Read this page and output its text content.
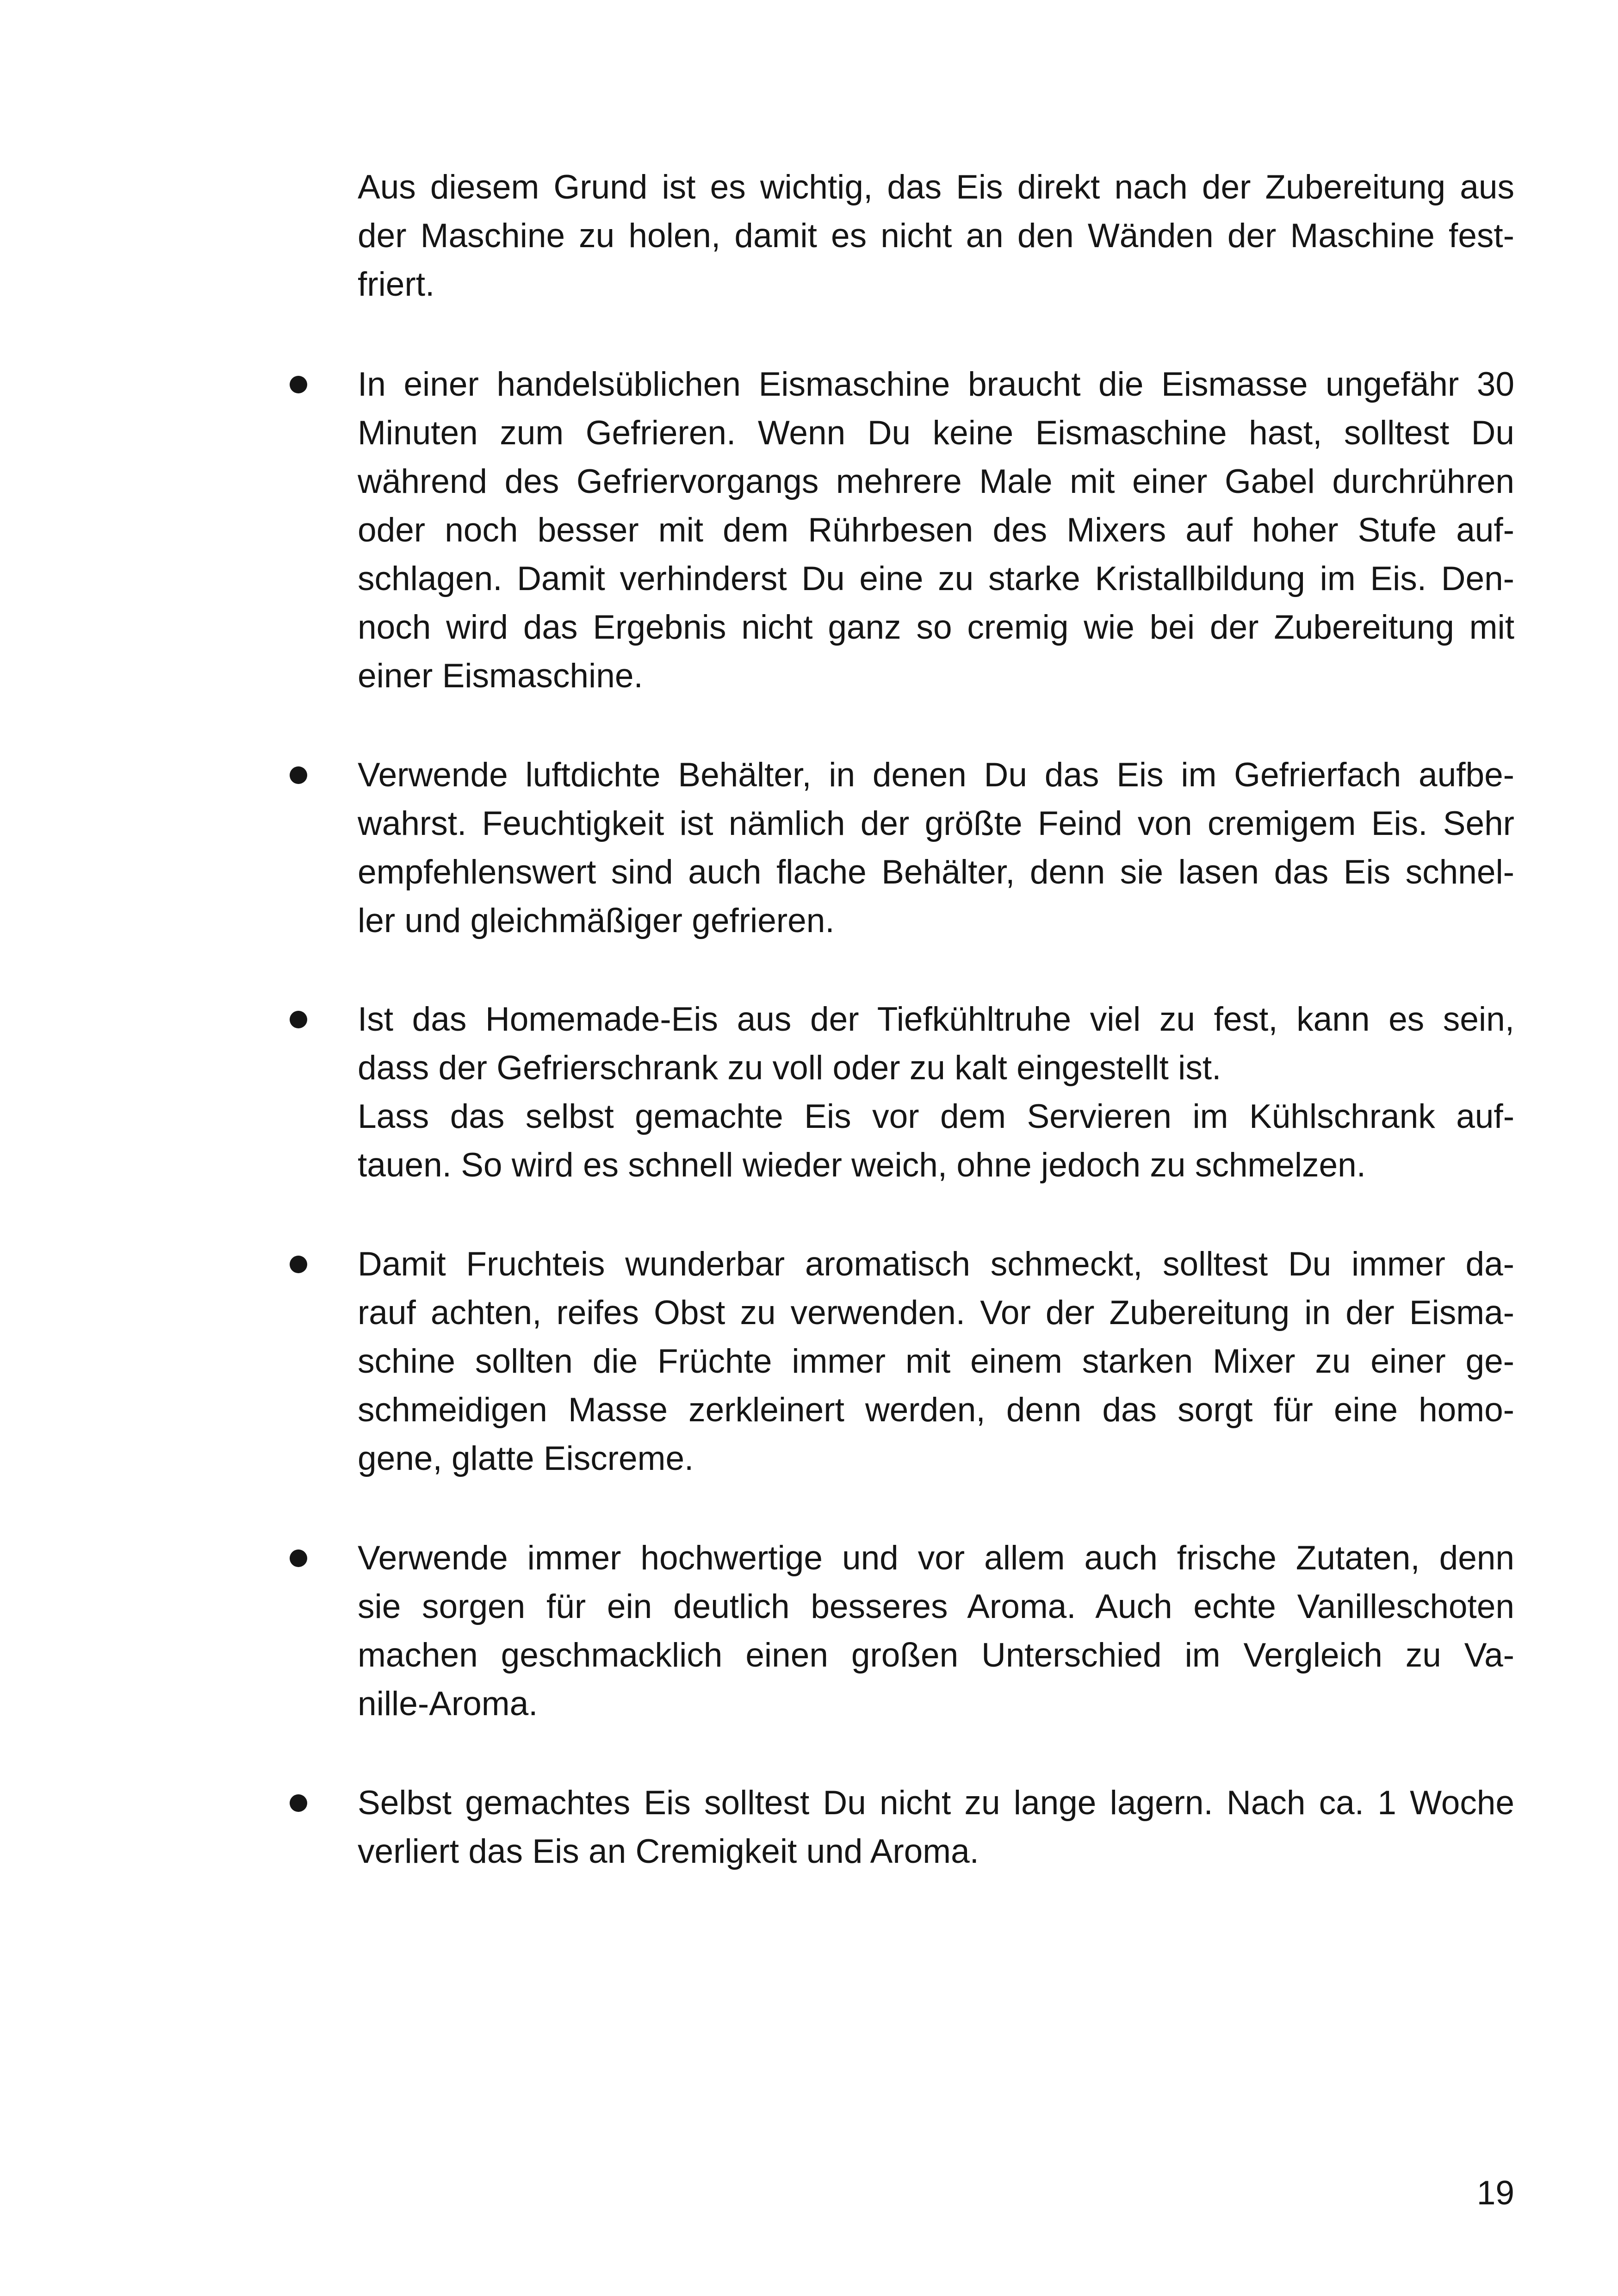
Aus diesem Grund ist es wichtig, das Eis direkt nach der Zubereitung aus

der Maschine zu holen, damit es nicht an den Wänden der Maschine fest-

friert.

In einer handelsüblichen Eismaschine braucht die Eismasse ungefähr 30

Minuten zum Gefrieren. Wenn Du keine Eismaschine hast, solltest Du

während des Gefriervorgangs mehrere Male mit einer Gabel durchrühren

oder noch besser mit dem Rührbesen des Mixers auf hoher Stufe auf-

schlagen. Damit verhinderst Du eine zu starke Kristallbildung im Eis. Den-

noch wird das Ergebnis nicht ganz so cremig wie bei der Zubereitung mit

einer Eismaschine.

Verwende luftdichte Behälter, in denen Du das Eis im Gefrierfach aufbe-

wahrst. Feuchtigkeit ist nämlich der größte Feind von cremigem Eis. Sehr

empfehlenswert sind auch flache Behälter, denn sie lasen das Eis schnel-

ler und gleichmäßiger gefrieren.

Ist das Homemade-Eis aus der Tiefkühltruhe viel zu fest, kann es sein,

dass der Gefrierschrank zu voll oder zu kalt eingestellt ist.

Lass das selbst gemachte Eis vor dem Servieren im Kühlschrank auf-

tauen. So wird es schnell wieder weich, ohne jedoch zu schmelzen.

Damit Fruchteis wunderbar aromatisch schmeckt, solltest Du immer da-

rauf achten, reifes Obst zu verwenden. Vor der Zubereitung in der Eisma-

schine sollten die Früchte immer mit einem starken Mixer zu einer ge-

schmeidigen Masse zerkleinert werden, denn das sorgt für eine homo-

gene, glatte Eiscreme.

Verwende immer hochwertige und vor allem auch frische Zutaten, denn

sie sorgen für ein deutlich besseres Aroma. Auch echte Vanilleschoten

machen geschmacklich einen großen Unterschied im Vergleich zu Va-

nille-Aroma.

Selbst gemachtes Eis solltest Du nicht zu lange lagern. Nach ca. 1 Woche

verliert das Eis an Cremigkeit und Aroma.

19
